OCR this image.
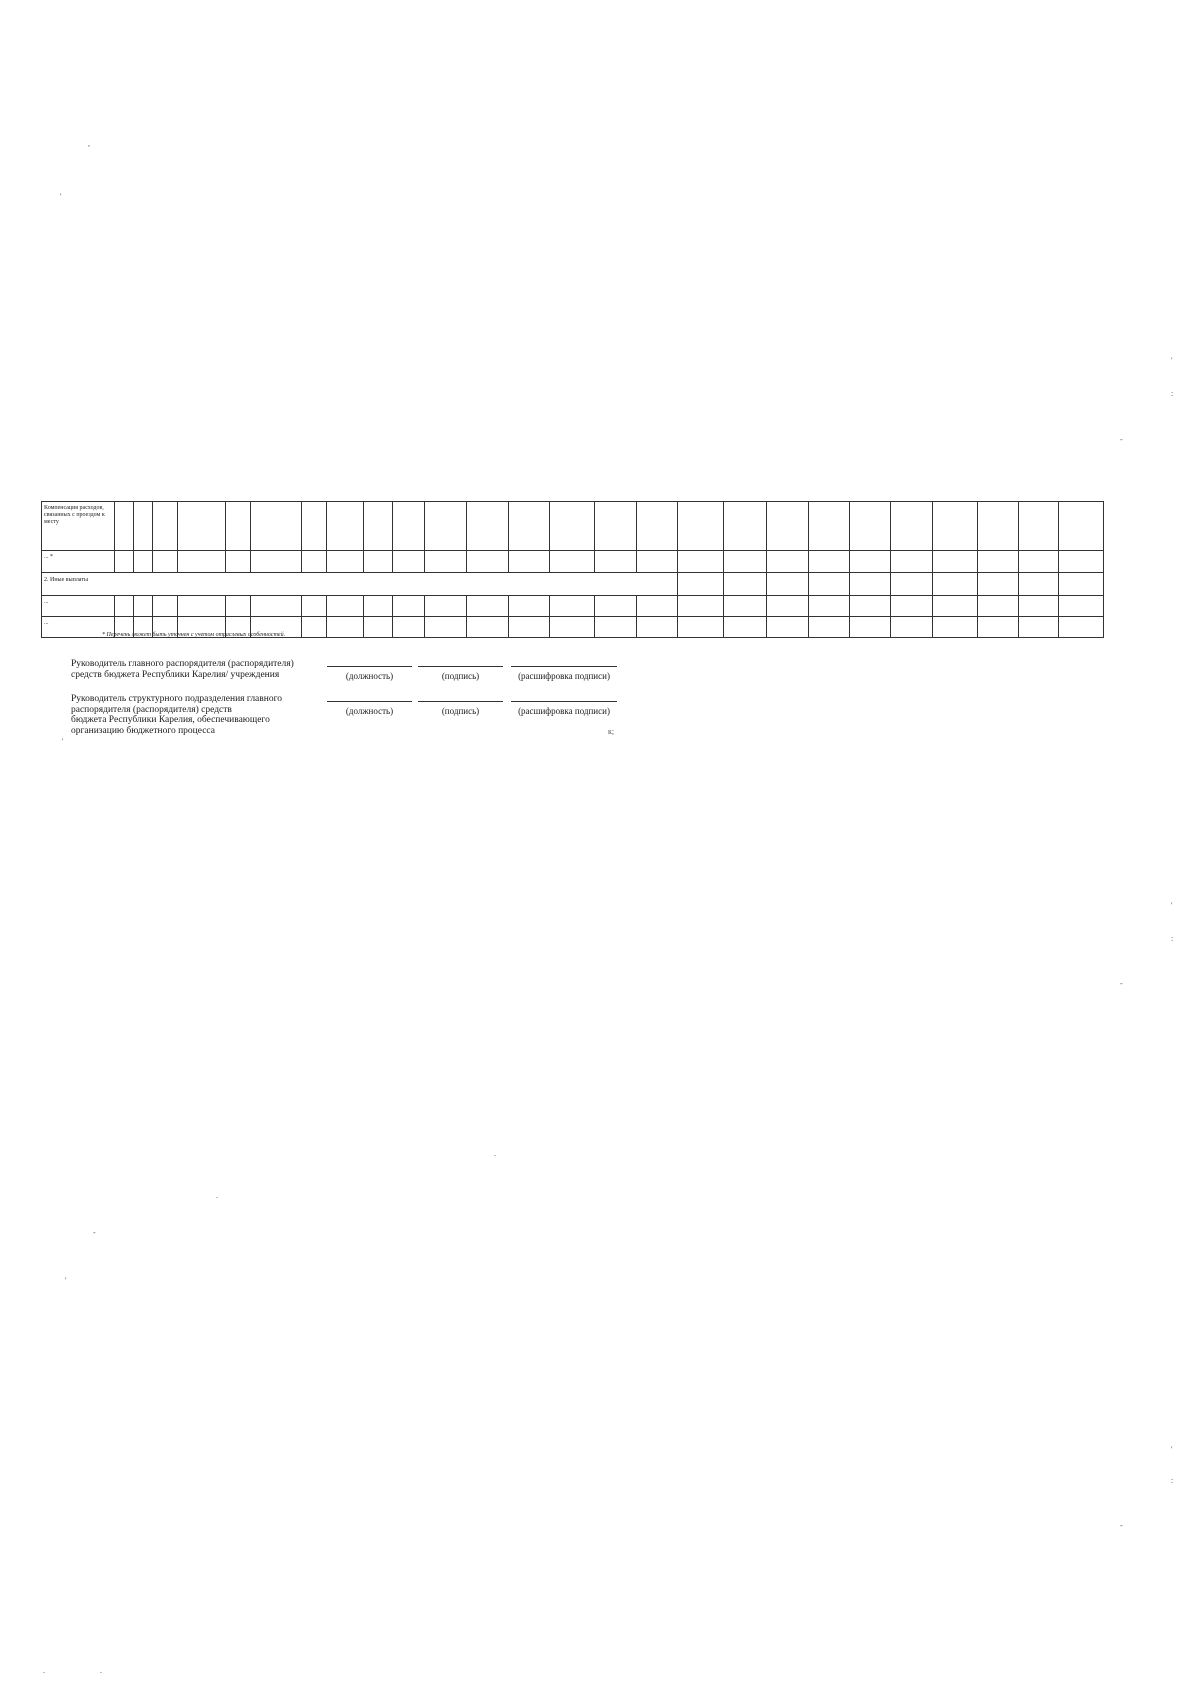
,
'
'
:
-
'
:
-
.
.
-
'
'
:
-
'
.	.
Компенсация расходов, связанных с проездом к месту																										
... *																										
2. Иные выплаты																										
...																										
...																										
* Перечень может быть уточнен с учетом отраслевых особенностей.
Руководитель главного распорядителя (распорядителя)
средств бюджета Республики Карелия/ учреждения	(должность)	(подпись)	(расшифровка подписи)
Руководитель структурного подразделения главного
распорядителя (распорядителя) средств
бюджета Республики Карелия, обеспечивающего
организацию бюджетного процесса
(должность)	(подпись)	(расшифровка подписи)
к;
